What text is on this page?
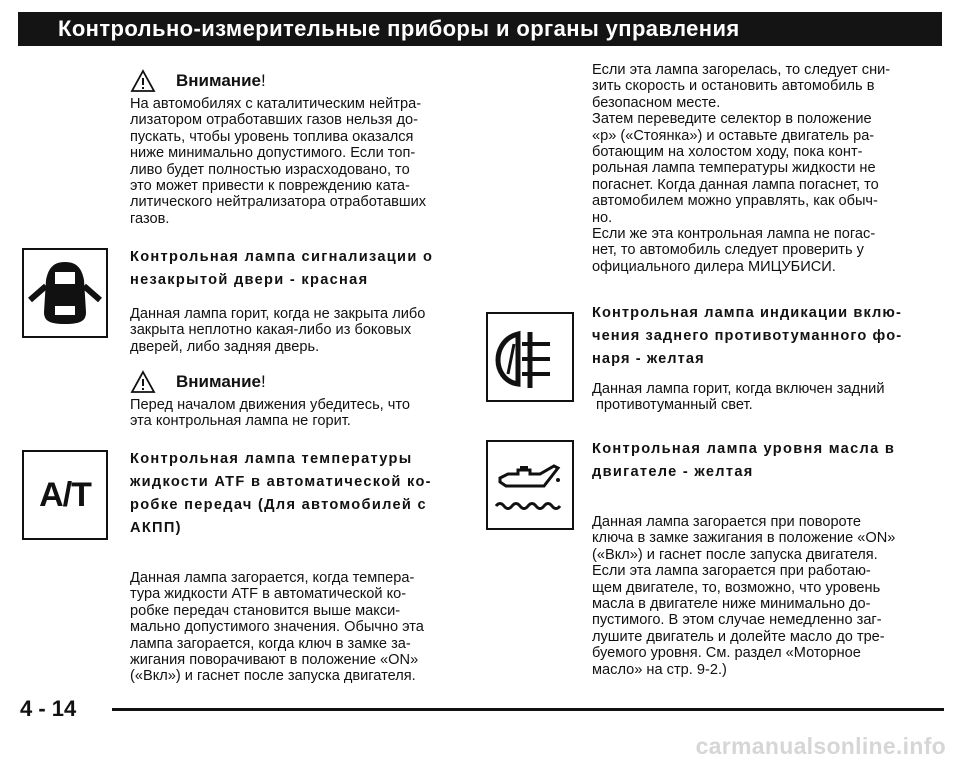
Контрольно-измерительные приборы и органы управления
Внимание !

На автомобилях с каталитическим нейтра-

лизатором отработавших газов нельзя до-

пускать, чтобы уровень топлива оказался

ниже минимально допустимого. Если топ-

ливо будет полностью израсходовано, то

это может привести к повреждению ката-

литического нейтрализатора отработавших

газов.

Контрольная лампа сигнализации о

незакрытой двери - красная

Данная лампа горит, когда не закрыта либо

закрыта неплотно какая-либо из боковых

дверей, либо задняя дверь.

Внимание !

Перед началом движения убедитесь, что

эта контрольная лампа не горит.

A/T

Контрольная лампа температуры

жидкости ATF в автоматической ко-

робке передач (Для автомобилей с

АКПП)

Данная лампа загорается, когда темпера-

тура жидкости ATF в автоматической ко-

робке передач становится выше макси-

мально допустимого значения. Обычно эта

лампа загорается, когда ключ в замке за-

жигания поворачивают в положение «ON»

(«Вкл») и гаснет после запуска двигателя.

Если эта лампа загорелась, то следует сни-

зить скорость и остановить автомобиль в

безопасном месте.

Затем переведите селектор в положение

«р» («Стоянка») и оставьте двигатель ра-

ботающим на холостом ходу, пока конт-

рольная лампа температуры жидкости не

погаснет. Когда данная лампа погаснет, то

автомобилем можно управлять, как обыч-

но.

Если же эта контрольная лампа не погас-

нет, то автомобиль следует проверить у

официального дилера МИЦУБИСИ.

Контрольная лампа индикации вклю-

чения заднего противотуманного фо-

наря - желтая

Данная лампа горит, когда включен задний

противотуманный свет.

Контрольная лампа уровня масла в

двигателе - желтая

Данная лампа загорается при повороте

ключа в замке зажигания в положение «ON»

(«Вкл») и гаснет после запуска двигателя.

Если эта лампа загорается при работаю-

щем двигателе, то, возможно, что уровень

масла в двигателе ниже минимально до-

пустимого. В этом случае немедленно заг-

лушите двигатель и долейте масло до тре-

буемого уровня. См. раздел «Моторное

масло» на стр. 9-2.)

4 - 14
carmanualsonline.info
